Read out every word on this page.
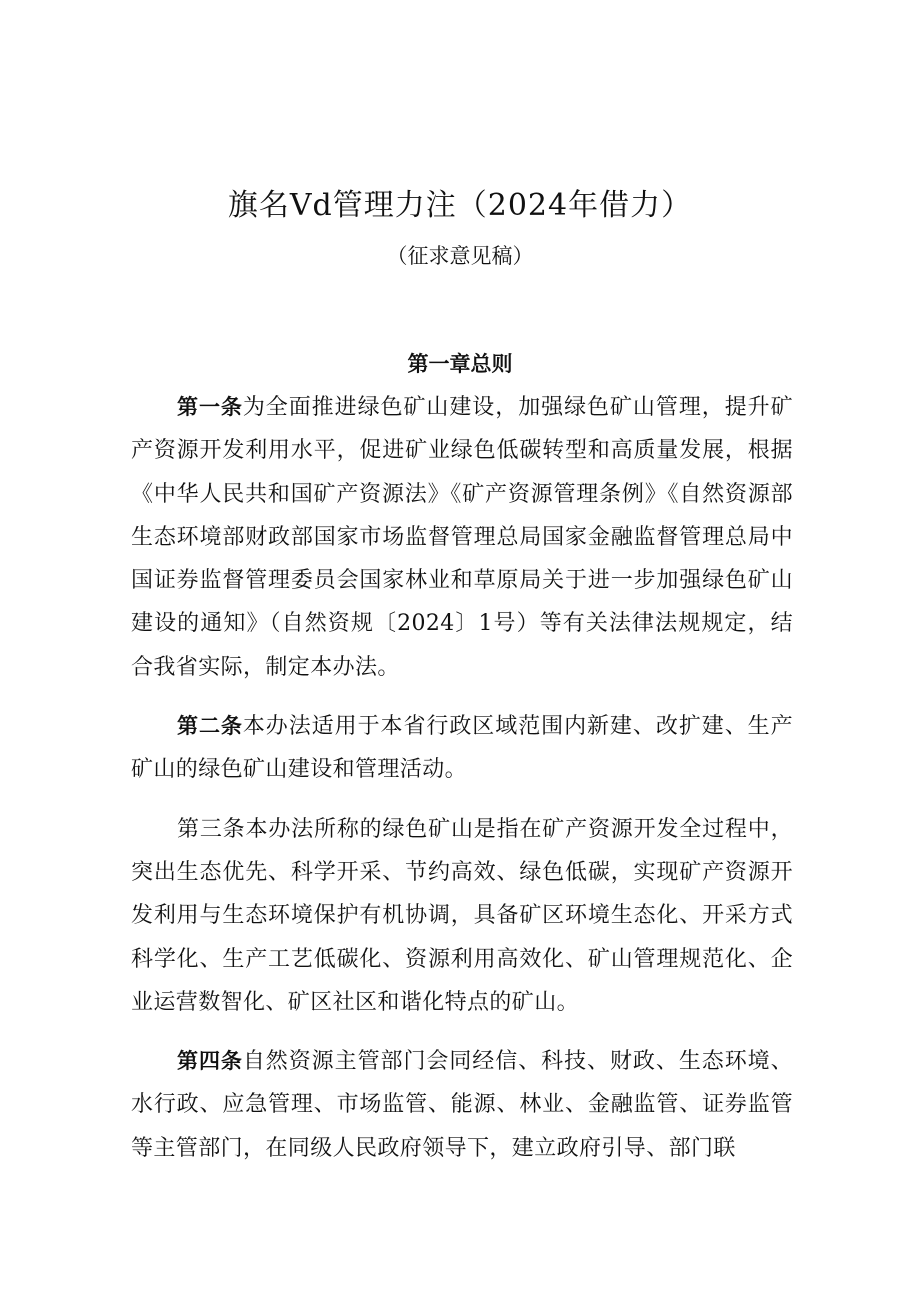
旗名Vd管理力注（2024年借力）
（征求意见稿）
第一章总则

第一条为全面推进绿色矿山建设，加强绿色矿山管理，提升矿产资源开发利用水平，促进矿业绿色低碳转型和高质量发展，根据《中华人民共和国矿产资源法》《矿产资源管理条例》《自然资源部生态环境部财政部国家市场监督管理总局国家金融监督管理总局中国证券监督管理委员会国家林业和草原局关于进一步加强绿色矿山建设的通知》（自然资规〔2024〕1号）等有关法律法规规定，结合我省实际，制定本办法。

第二条本办法适用于本省行政区域范围内新建、改扩建、生产矿山的绿色矿山建设和管理活动。

第三条本办法所称的绿色矿山是指在矿产资源开发全过程中，突出生态优先、科学开采、节约高效、绿色低碳，实现矿产资源开发利用与生态环境保护有机协调，具备矿区环境生态化、开采方式科学化、生产工艺低碳化、资源利用高效化、矿山管理规范化、企业运营数智化、矿区社区和谐化特点的矿山。

第四条自然资源主管部门会同经信、科技、财政、生态环境、水行政、应急管理、市场监管、能源、林业、金融监管、证券监管等主管部门，在同级人民政府领导下，建立政府引导、部门联
